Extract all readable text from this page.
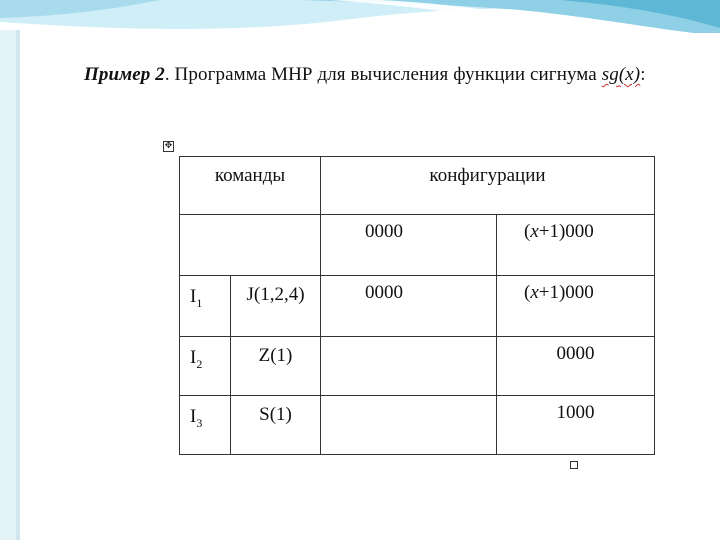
Пример 2. Программа МНР для вычисления функции сигнума sg(x):
✥
команды		конфигурации	

		0000	(x+1)000

$I_1$	J(1,2,4)	0000	(x+1)000

$I_2$	Z(1)		0000

$I_3$	S(1)		1000
